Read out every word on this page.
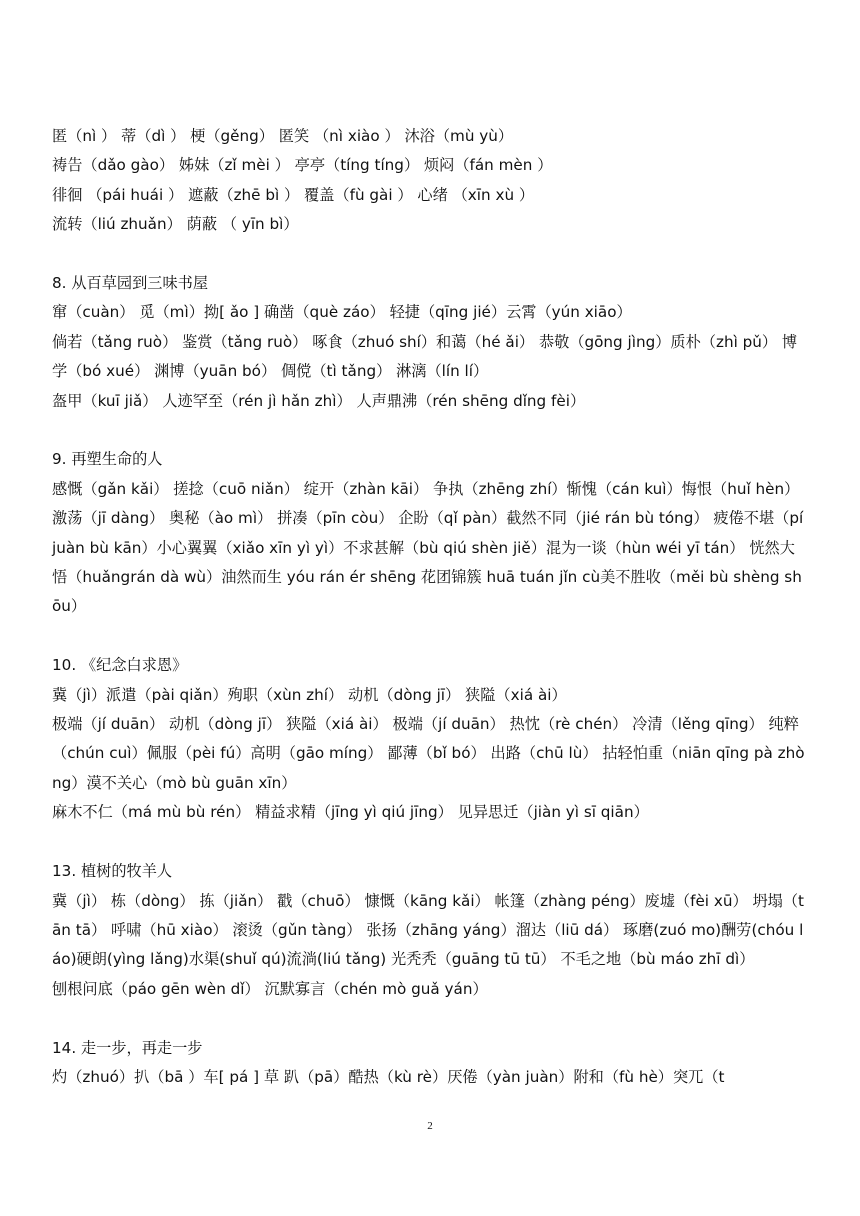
匿（nì ） 蒂（dì ） 梗（gěng） 匿笑 （nì xiào ） 沐浴（mù yù）

祷告（dǎo gào） 姊妹（zǐ mèi ） 亭亭（tíng tíng） 烦闷（fán mèn ）

徘徊 （pái huái ） 遮蔽（zhē bì ） 覆盖（fù gài ） 心绪 （xīn xù ）

流转（liú zhuǎn） 荫蔽 （ yīn bì）

8. 从百草园到三味书屋

窜（cuàn） 觅（mì）拗[ ǎo ] 确凿（què záo） 轻捷（qīng jié）云霄（yún xiāo）

倘若（tǎng ruò） 鉴赏（tǎng ruò） 啄食（zhuó shí）和蔼（hé ǎi） 恭敬（gōng jìng）质朴（zhì pǔ） 博学（bó xué） 渊博（yuān bó） 倜傥（tì tǎng） 淋漓（lín lí）

盔甲（kuī jiǎ） 人迹罕至（rén jì hǎn zhì） 人声鼎沸（rén shēng dǐng fèi）

9. 再塑生命的人

感慨（gǎn kǎi） 搓捻（cuō niǎn） 绽开（zhàn kāi） 争执（zhēng zhí）惭愧（cán kuì）悔恨（huǐ hèn）激荡（jī dàng） 奥秘（ào mì） 拼凑（pīn còu） 企盼（qǐ pàn）截然不同（jié rán bù tóng） 疲倦不堪（pí juàn bù kān）小心翼翼（xiǎo xīn yì yì）不求甚解（bù qiú shèn jiě）混为一谈（hùn wéi yī tán） 恍然大悟（huǎngrán dà wù）油然而生 yóu rán ér shēng 花团锦簇 huā tuán jǐn cù美不胜收（měi bù shèng shōu）

10. 《纪念白求恩》

冀（jì）派遣（pài qiǎn）殉职（xùn zhí） 动机（dòng jī） 狭隘（xiá ài）

极端（jí duān） 动机（dòng jī） 狭隘（xiá ài） 极端（jí duān） 热忱（rè chén） 冷清（lěng qīng） 纯粹（chún cuì）佩服（pèi fú）高明（gāo míng） 鄙薄（bǐ bó） 出路（chū lù） 拈轻怕重（niān qīng pà zhòng）漠不关心（mò bù guān xīn）

麻木不仁（má mù bù rén） 精益求精（jīng yì qiú jīng） 见异思迁（jiàn yì sī qiān）

13. 植树的牧羊人

冀（jì） 栋（dòng） 拣（jiǎn） 戳（chuō） 慷慨（kāng kǎi） 帐篷（zhàng péng）废墟（fèi xū） 坍塌（tān tā） 呼啸（hū xiào） 滚烫（gǔn tàng） 张扬（zhāng yáng）溜达（liū dá） 琢磨(zuó mo)酬劳(chóu láo)硬朗(yìng lǎng)水渠(shuǐ qú)流淌(liú tǎng) 光秃秃（guāng tū tū） 不毛之地（bù máo zhī dì）

刨根问底（páo gēn wèn dǐ） 沉默寡言（chén mò guǎ yán）

14. 走一步，再走一步

灼（zhuó）扒（bā ）车[ pá ] 草 趴（pā）酷热（kù rè）厌倦（yàn juàn）附和（fù hè）突兀（t

2
